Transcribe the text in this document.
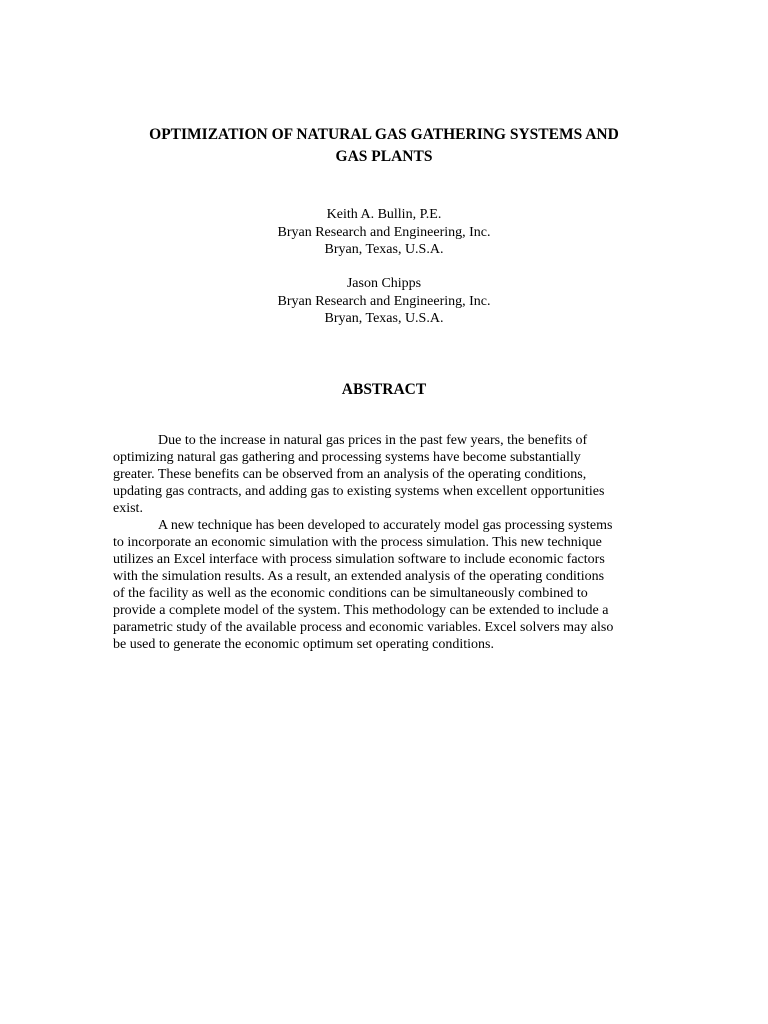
OPTIMIZATION OF NATURAL GAS GATHERING SYSTEMS AND
GAS PLANTS
Keith A. Bullin, P.E.
Bryan Research and Engineering, Inc.
Bryan, Texas, U.S.A.
Jason Chipps
Bryan Research and Engineering, Inc.
Bryan, Texas, U.S.A.
ABSTRACT
Due to the increase in natural gas prices in the past few years, the benefits of
optimizing natural gas gathering and processing systems have become substantially
greater. These benefits can be observed from an analysis of the operating conditions,
updating gas contracts, and adding gas to existing systems when excellent opportunities
exist.
A new technique has been developed to accurately model gas processing systems
to incorporate an economic simulation with the process simulation. This new technique
utilizes an Excel interface with process simulation software to include economic factors
with the simulation results. As a result, an extended analysis of the operating conditions
of the facility as well as the economic conditions can be simultaneously combined to
provide a complete model of the system. This methodology can be extended to include a
parametric study of the available process and economic variables. Excel solvers may also
be used to generate the economic optimum set operating conditions.
